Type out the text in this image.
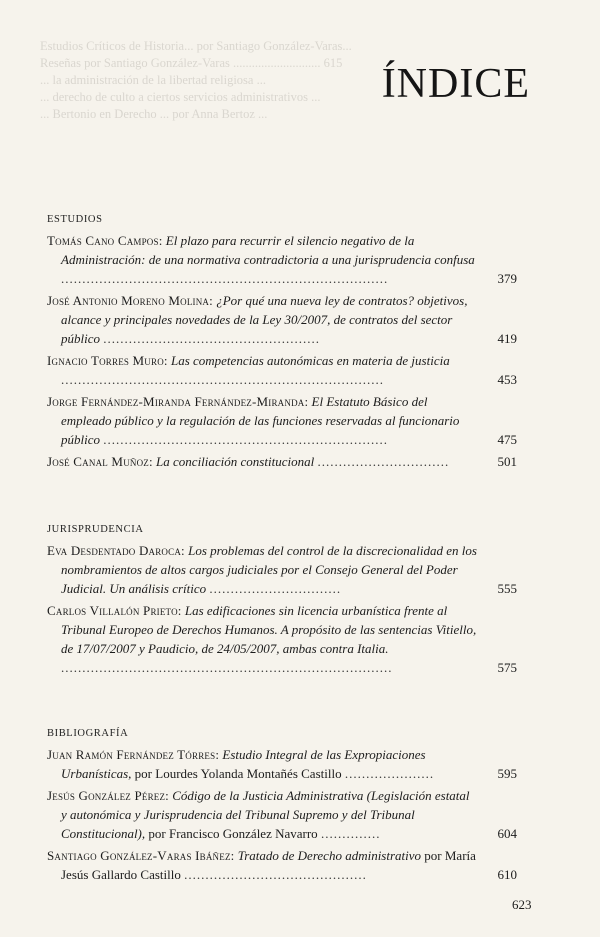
Estudios Críticos de Historia... por Santiago González-Varas...
Reseñas por Santiago González-Varas ............................ 615
... la administración de la libertad religiosa ...
... derecho de culto a ciertos servicios administrativos ...
... Bertonio en Derecho ... por Anna Bertoz ...
ÍNDICE
ESTUDIOS
Tomás Cano Campos: El plazo para recurrir el silencio negativo de la Administración: de una normativa contradictoria a una jurisprudencia confusa .............................................................................	379
José Antonio Moreno Molina: ¿Por qué una nueva ley de contratos? objetivos, alcance y principales novedades de la Ley 30/2007, de contratos del sector público ...................................................	419
Ignacio Torres Muro: Las competencias autonómicas en materia de justicia ............................................................................	453
Jorge Fernández-Miranda Fernández-Miranda: El Estatuto Básico del empleado público y la regulación de las funciones reservadas al funcionario público ...................................................................	475
José Canal Muñoz: La conciliación constitucional ...............................	501
JURISPRUDENCIA
Eva Desdentado Daroca: Los problemas del control de la discrecionalidad en los nombramientos de altos cargos judiciales por el Consejo General del Poder Judicial. Un análisis crítico ...............................	555
Carlos Villalón Prieto: Las edificaciones sin licencia urbanística frente al Tribunal Europeo de Derechos Humanos. A propósito de las sentencias Vitiello, de 17/07/2007 y Paudicio, de 24/05/2007, ambas contra Italia. ..............................................................................	575
BIBLIOGRAFÍA
Juan Ramón Fernández Tórres: Estudio Integral de las Expropiaciones Urbanísticas, por Lourdes Yolanda Montañés Castillo .....................	595
Jesús González Pérez: Código de la Justicia Administrativa (Legislación estatal y autonómica y Jurisprudencia del Tribunal Supremo y del Tribunal Constitucional), por Francisco González Navarro ..............	604
Santiago González-Varas Ibáñez: Tratado de Derecho administrativo por María Jesús Gallardo Castillo ...........................................	610
623
